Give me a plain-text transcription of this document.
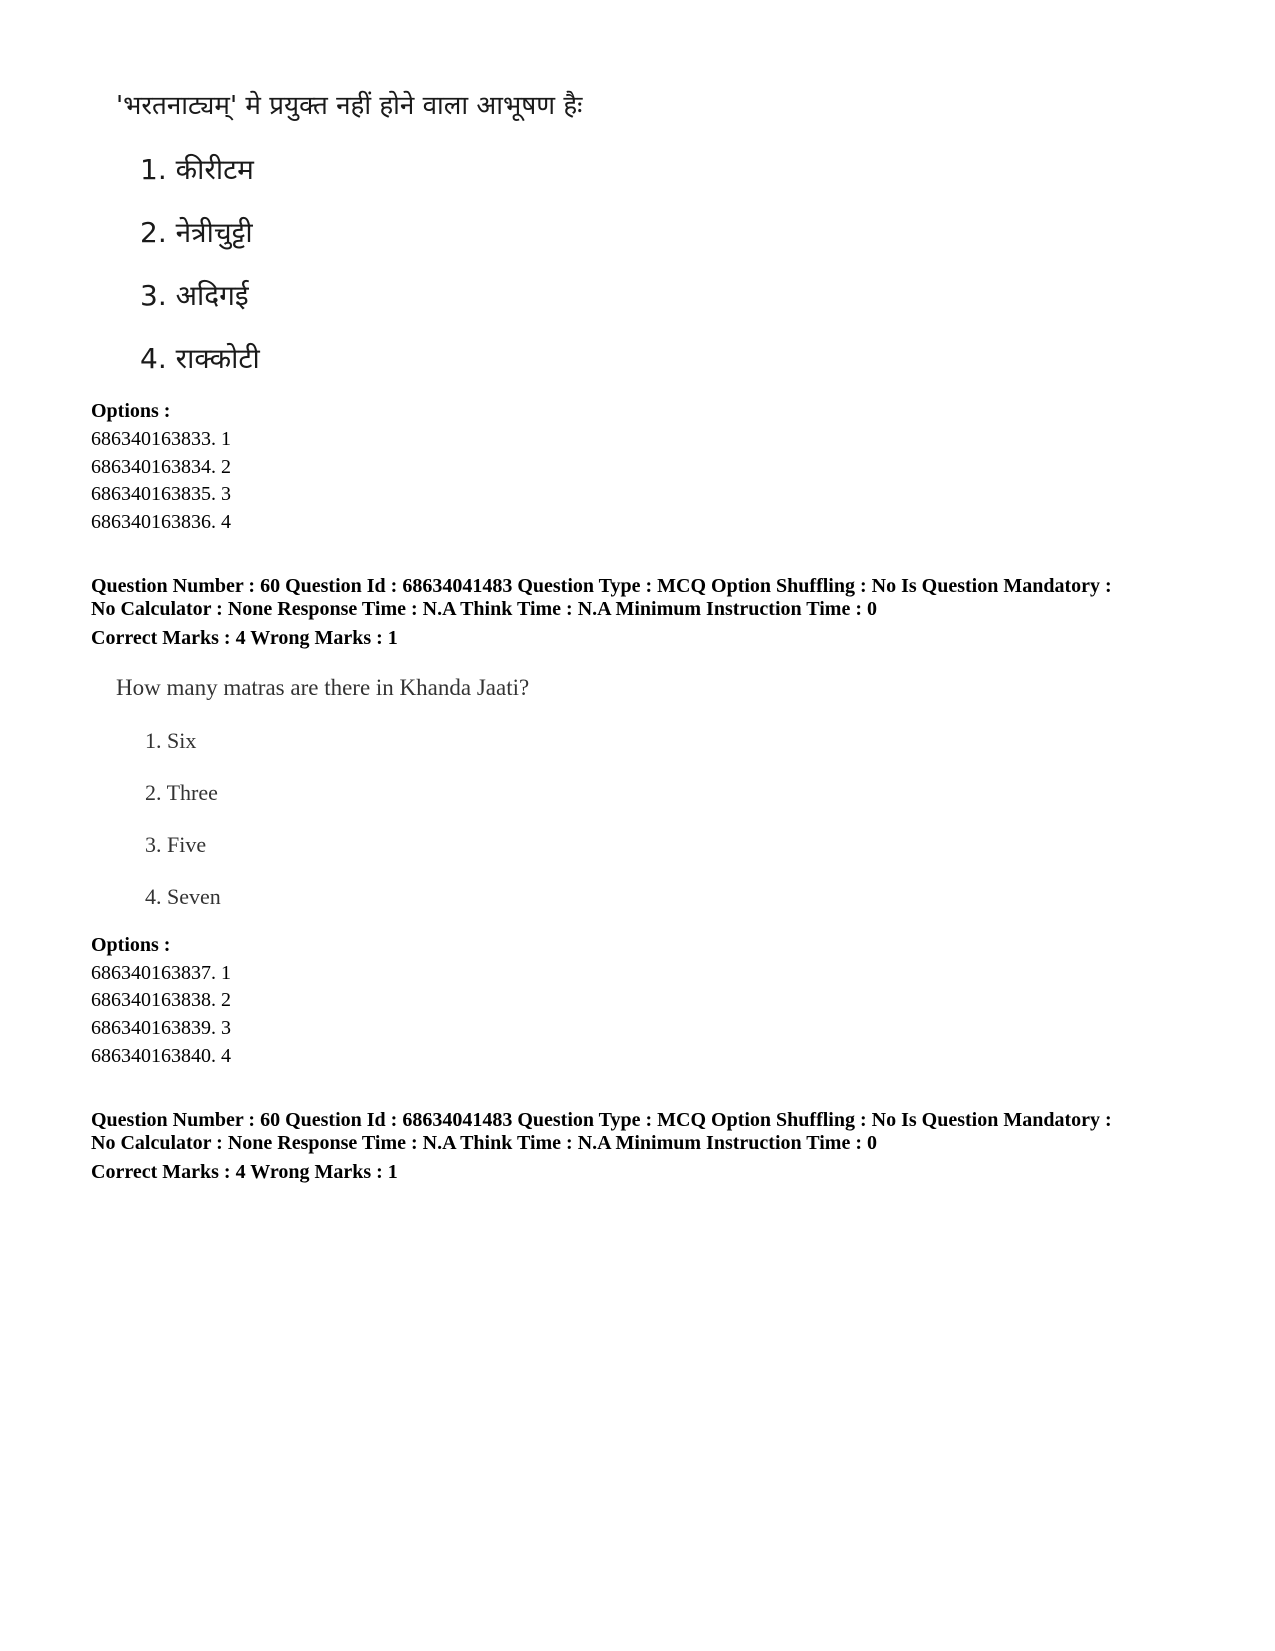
'भरतनाट्यम्' मे प्रयुक्त नहीं होने वाला आभूषण हैः
1. कीरीटम
2. नेत्रीचुट्टी
3. अदिगई
4. राक्कोटी
Options :
686340163833. 1
686340163834. 2
686340163835. 3
686340163836. 4
Question Number : 60 Question Id : 68634041483 Question Type : MCQ Option Shuffling : No Is Question Mandatory :
No Calculator : None Response Time : N.A Think Time : N.A Minimum Instruction Time : 0
Correct Marks : 4 Wrong Marks : 1
How many matras are there in Khanda Jaati?
1. Six
2. Three
3. Five
4. Seven
Options :
686340163837. 1
686340163838. 2
686340163839. 3
686340163840. 4
Question Number : 60 Question Id : 68634041483 Question Type : MCQ Option Shuffling : No Is Question Mandatory :
No Calculator : None Response Time : N.A Think Time : N.A Minimum Instruction Time : 0
Correct Marks : 4 Wrong Marks : 1
